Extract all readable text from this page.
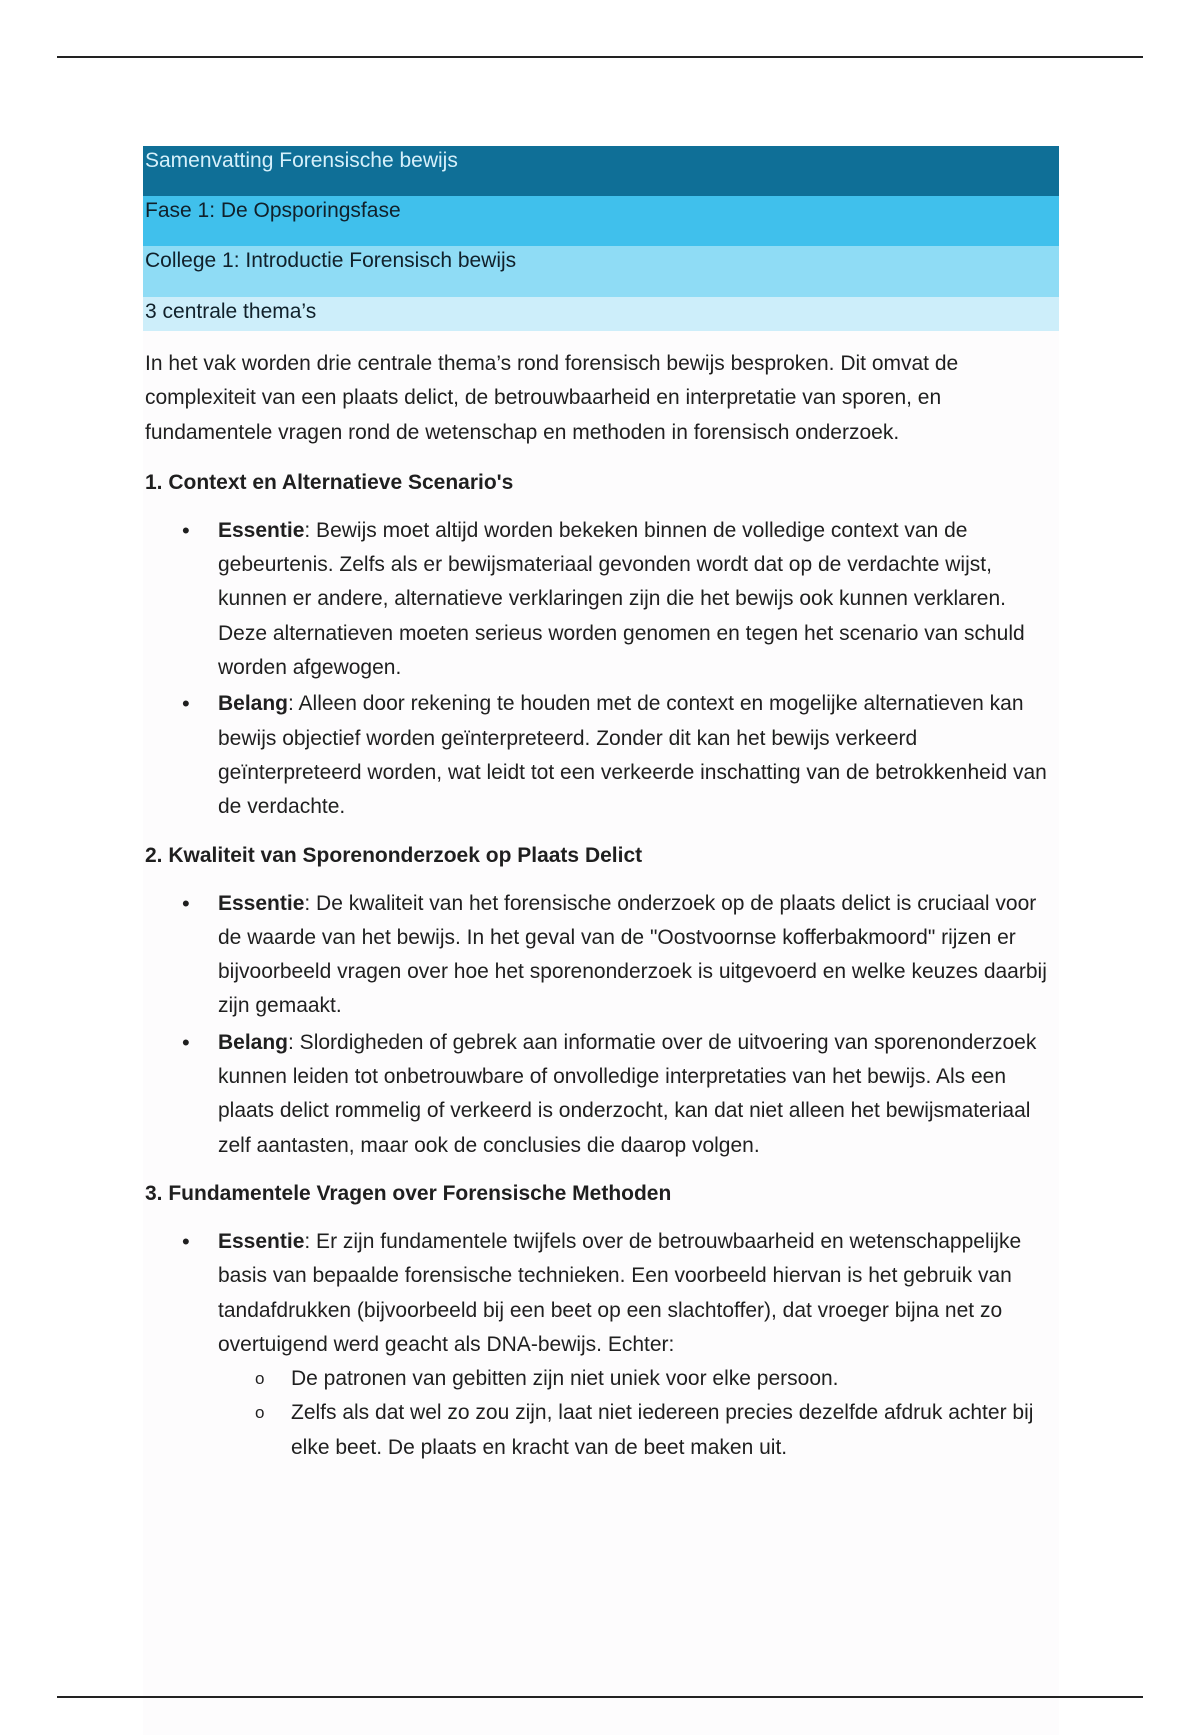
Samenvatting Forensische bewijs
Fase 1: De Opsporingsfase
College 1: Introductie Forensisch bewijs
3 centrale thema’s

In het vak worden drie centrale thema’s rond forensisch bewijs besproken. Dit omvat de complexiteit van een plaats delict, de betrouwbaarheid en interpretatie van sporen, en fundamentele vragen rond de wetenschap en methoden in forensisch onderzoek.

1. Context en Alternatieve Scenario's
• Essentie: Bewijs moet altijd worden bekeken binnen de volledige context van de gebeurtenis. Zelfs als er bewijsmateriaal gevonden wordt dat op de verdachte wijst, kunnen er andere, alternatieve verklaringen zijn die het bewijs ook kunnen verklaren. Deze alternatieven moeten serieus worden genomen en tegen het scenario van schuld worden afgewogen.
• Belang: Alleen door rekening te houden met de context en mogelijke alternatieven kan bewijs objectief worden geïnterpreteerd. Zonder dit kan het bewijs verkeerd geïnterpreteerd worden, wat leidt tot een verkeerde inschatting van de betrokkenheid van de verdachte.
2. Kwaliteit van Sporenonderzoek op Plaats Delict
• Essentie: De kwaliteit van het forensische onderzoek op de plaats delict is cruciaal voor de waarde van het bewijs. In het geval van de "Oostvoornse kofferbakmoord" rijzen er bijvoorbeeld vragen over hoe het sporenonderzoek is uitgevoerd en welke keuzes daarbij zijn gemaakt.
• Belang: Slordigheden of gebrek aan informatie over de uitvoering van sporenonderzoek kunnen leiden tot onbetrouwbare of onvolledige interpretaties van het bewijs. Als een plaats delict rommelig of verkeerd is onderzocht, kan dat niet alleen het bewijsmateriaal zelf aantasten, maar ook de conclusies die daarop volgen.
3. Fundamentele Vragen over Forensische Methoden
• Essentie: Er zijn fundamentele twijfels over de betrouwbaarheid en wetenschappelijke basis van bepaalde forensische technieken. Een voorbeeld hiervan is het gebruik van tandafdrukken (bijvoorbeeld bij een beet op een slachtoffer), dat vroeger bijna net zo overtuigend werd geacht als DNA-bewijs. Echter:
o De patronen van gebitten zijn niet uniek voor elke persoon.
o Zelfs als dat wel zo zou zijn, laat niet iedereen precies dezelfde afdruk achter bij elke beet. De plaats en kracht van de beet maken uit.
